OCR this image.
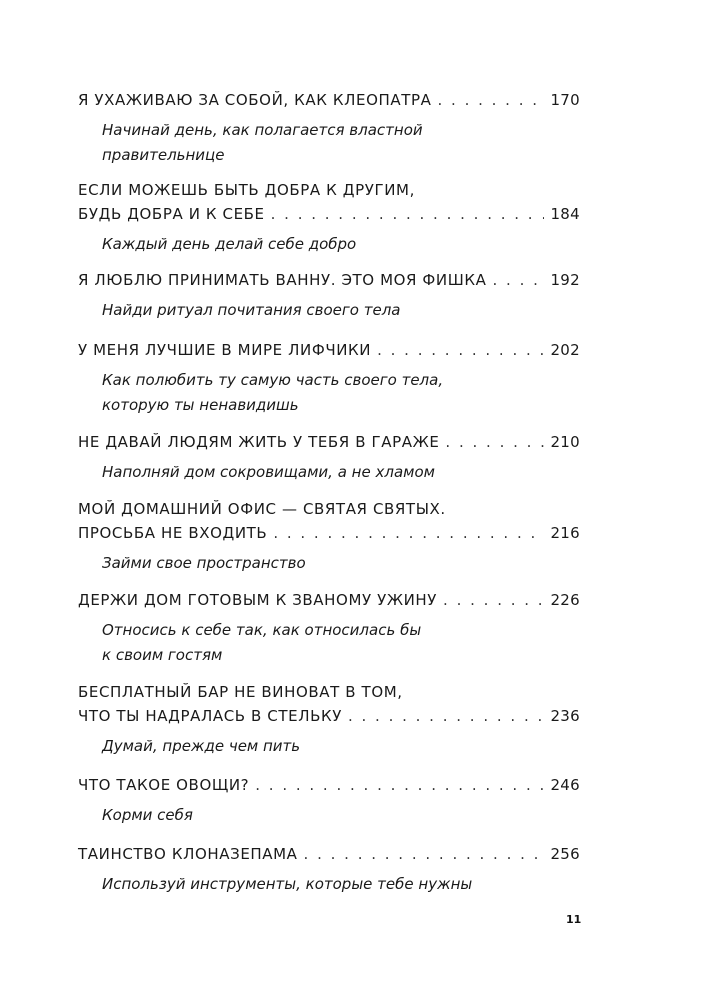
Я УХАЖИВАЮ ЗА СОБОЙ, КАК КЛЕОПАТРА . . .	170
Начинай день, как полагается властной
правительнице
ЕСЛИ МОЖЕШЬ БЫТЬ ДОБРА К ДРУГИМ,
БУДЬ ДОБРА И К СЕБЕ . . .	184
Каждый день делай себе добро
Я ЛЮБЛЮ ПРИНИМАТЬ ВАННУ. ЭТО МОЯ ФИШКА . . .	192
Найди ритуал почитания своего тела
У МЕНЯ ЛУЧШИЕ В МИРЕ ЛИФЧИКИ . . .	202
Как полюбить ту самую часть своего тела,
которую ты ненавидишь
НЕ ДАВАЙ ЛЮДЯМ ЖИТЬ У ТЕБЯ В ГАРАЖЕ . . .	210
Наполняй дом сокровищами, а не хламом
МОЙ ДОМАШНИЙ ОФИС — СВЯТАЯ СВЯТЫХ.
ПРОСЬБА НЕ ВХОДИТЬ . . .	216
Займи свое пространство
ДЕРЖИ ДОМ ГОТОВЫМ К ЗВАНОМУ УЖИНУ . . .	226
Относись к себе так, как относилась бы
к своим гостям
БЕСПЛАТНЫЙ БАР НЕ ВИНОВАТ В ТОМ,
ЧТО ТЫ НАДРАЛАСЬ В СТЕЛЬКУ . . .	236
Думай, прежде чем пить
ЧТО ТАКОЕ ОВОЩИ? . . .	246
Корми себя
ТАИНСТВО КЛОНАЗЕПАМА . . .	256
Используй инструменты, которые тебе нужны
11
